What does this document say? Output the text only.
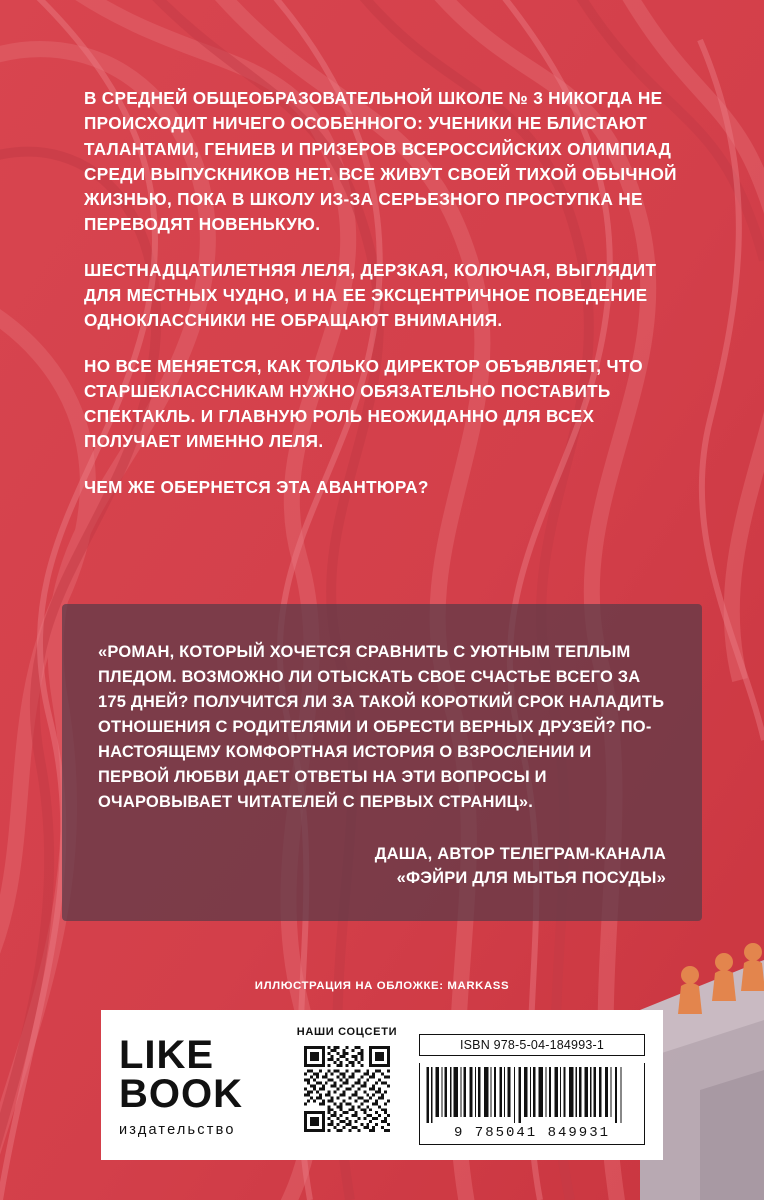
В СРЕДНЕЙ ОБЩЕОБРАЗОВАТЕЛЬНОЙ ШКОЛЕ № 3 НИКОГДА НЕ ПРОИСХОДИТ НИЧЕГО ОСОБЕННОГО: УЧЕНИКИ НЕ БЛИСТАЮТ ТАЛАНТАМИ, ГЕНИЕВ И ПРИЗЕРОВ ВСЕРОССИЙСКИХ ОЛИМПИАД СРЕДИ ВЫПУСКНИКОВ НЕТ. ВСЕ ЖИВУТ СВОЕЙ ТИХОЙ ОБЫЧНОЙ ЖИЗНЬЮ, ПОКА В ШКОЛУ ИЗ-ЗА СЕРЬЕЗНОГО ПРОСТУПКА НЕ ПЕРЕВОДЯТ НОВЕНЬКУЮ.

ШЕСТНАДЦАТИЛЕТНЯЯ ЛЕЛЯ, ДЕРЗКАЯ, КОЛЮЧАЯ, ВЫГЛЯДИТ ДЛЯ МЕСТНЫХ ЧУДНО, И НА ЕЕ ЭКСЦЕНТРИЧНОЕ ПОВЕДЕНИЕ ОДНОКЛАССНИКИ НЕ ОБРАЩАЮТ ВНИМАНИЯ.

НО ВСЕ МЕНЯЕТСЯ, КАК ТОЛЬКО ДИРЕКТОР ОБЪЯВЛЯЕТ, ЧТО СТАРШЕКЛАССНИКАМ НУЖНО ОБЯЗАТЕЛЬНО ПОСТАВИТЬ СПЕКТАКЛЬ. И ГЛАВНУЮ РОЛЬ НЕОЖИДАННО ДЛЯ ВСЕХ ПОЛУЧАЕТ ИМЕННО ЛЕЛЯ.

ЧЕМ ЖЕ ОБЕРНЕТСЯ ЭТА АВАНТЮРА?

«РОМАН, КОТОРЫЙ ХОЧЕТСЯ СРАВНИТЬ С УЮТНЫМ ТЕПЛЫМ ПЛЕДОМ. ВОЗМОЖНО ЛИ ОТЫСКАТЬ СВОЕ СЧАСТЬЕ ВСЕГО ЗА 175 ДНЕЙ? ПОЛУЧИТСЯ ЛИ ЗА ТАКОЙ КОРОТКИЙ СРОК НАЛАДИТЬ ОТНОШЕНИЯ С РОДИТЕЛЯМИ И ОБРЕСТИ ВЕРНЫХ ДРУЗЕЙ? ПО-НАСТОЯЩЕМУ КОМФОРТНАЯ ИСТОРИЯ О ВЗРОСЛЕНИИ И ПЕРВОЙ ЛЮБВИ ДАЕТ ОТВЕТЫ НА ЭТИ ВОПРОСЫ И ОЧАРОВЫВАЕТ ЧИТАТЕЛЕЙ С ПЕРВЫХ СТРАНИЦ».

ДАША, АВТОР ТЕЛЕГРАМ-КАНАЛА
«ФЭЙРИ ДЛЯ МЫТЬЯ ПОСУДЫ»
ИЛЛЮСТРАЦИЯ НА ОБЛОЖКЕ: MARKASS
LIKE
BOOK
издательство
НАШИ СОЦСЕТИ
ISBN 978-5-04-184993-1
9 785041 849931
